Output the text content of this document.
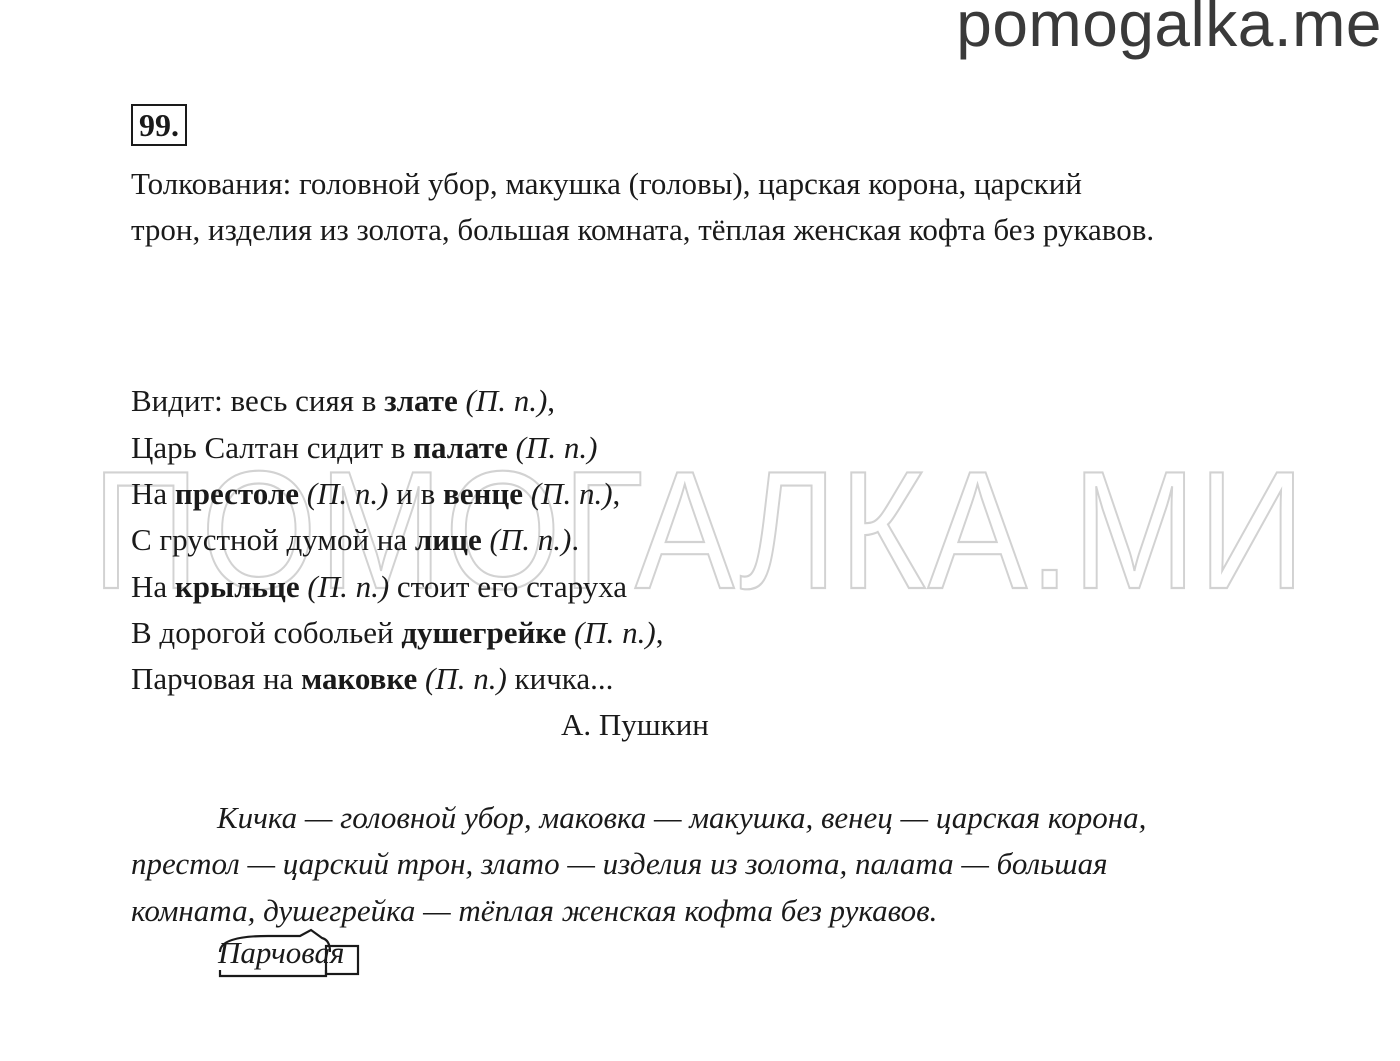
pomogalka.me
ПОМОГАЛКА.МИ
99.
Толкования: головной убор, макушка (головы), царская корона, царский
трон, изделия из золота, большая комната, тёплая женская кофта без рукавов.
Видит: весь сияя в злате (П. п.),
Царь Салтан сидит в палате (П. п.)
На престоле (П. п.) и в венце (П. п.),
С грустной думой на лице (П. п.).
На крыльце (П. п.) стоит его старуха
В дорогой собольей душегрейке (П. п.),
Парчовая на маковке (П. п.) кичка...
А. Пушкин
Кичка — головной убор, маковка — макушка, венец — царская корона,
престол — царский трон, злато — изделия из золота, палата — большая
комната, душегрейка — тёплая женская кофта без рукавов.
Парчовая
